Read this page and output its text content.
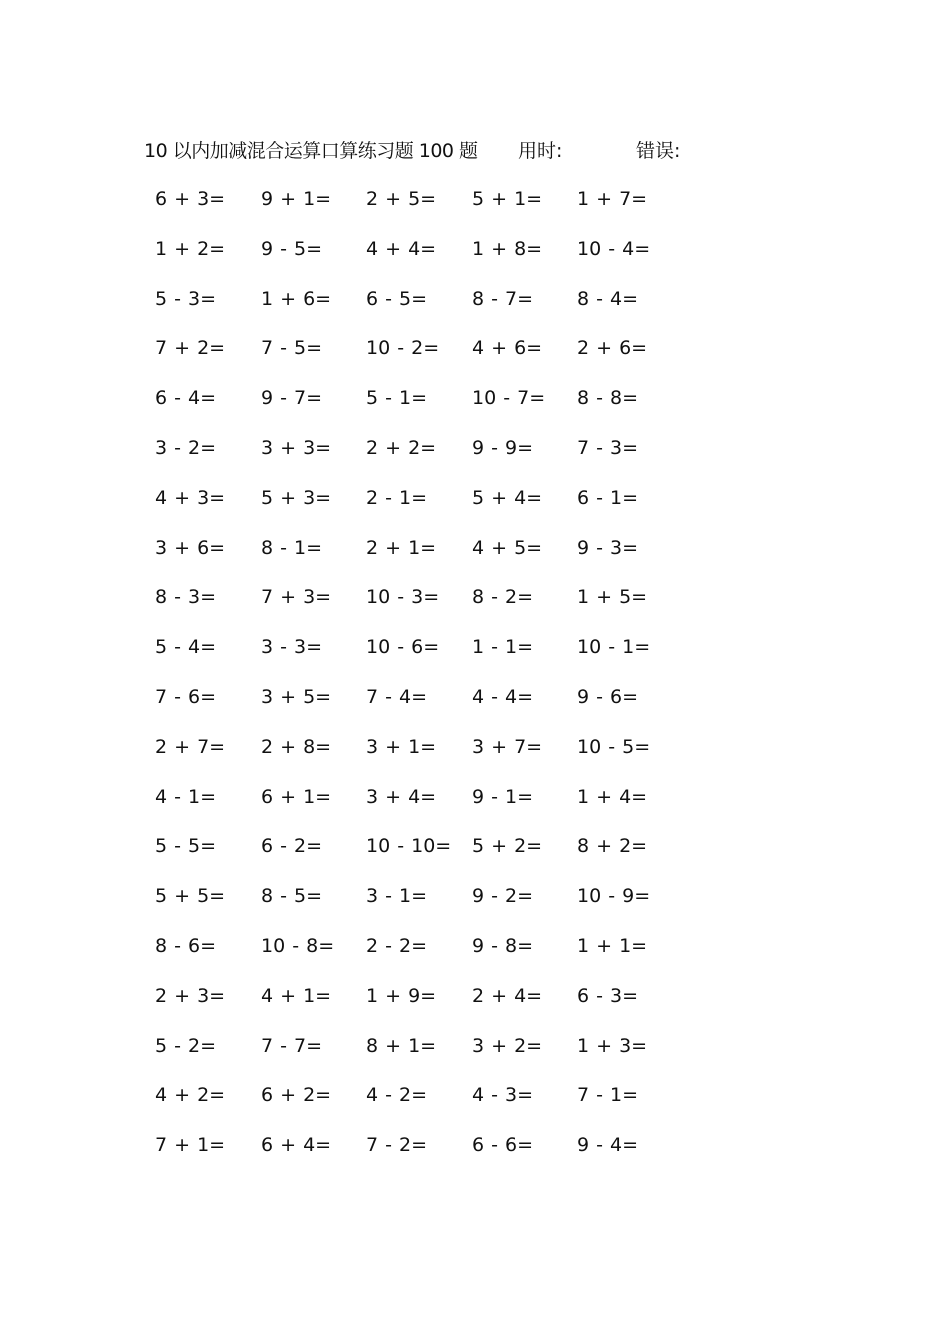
10 以内加减混合运算口算练习题 100 题 用时:	错误:
6 + 3= 9 + 1= 2 + 5= 5 + 1= 1 + 7=
1 + 2= 9 - 5= 4 + 4= 1 + 8= 10 - 4=
5 - 3= 1 + 6= 6 - 5= 8 - 7= 8 - 4=
7 + 2= 7 - 5= 10 - 2= 4 + 6= 2 + 6=
6 - 4= 9 - 7= 5 - 1= 10 - 7= 8 - 8=
3 - 2= 3 + 3= 2 + 2= 9 - 9= 7 - 3=
4 + 3= 5 + 3= 2 - 1= 5 + 4= 6 - 1=
3 + 6= 8 - 1= 2 + 1= 4 + 5= 9 - 3=
8 - 3= 7 + 3= 10 - 3= 8 - 2= 1 + 5=
5 - 4= 3 - 3= 10 - 6= 1 - 1= 10 - 1=
7 - 6= 3 + 5= 7 - 4= 4 - 4= 9 - 6=
2 + 7= 2 + 8= 3 + 1= 3 + 7= 10 - 5=
4 - 1= 6 + 1= 3 + 4= 9 - 1= 1 + 4=
5 - 5= 6 - 2= 10 - 10= 5 + 2= 8 + 2=
5 + 5= 8 - 5= 3 - 1= 9 - 2= 10 - 9=
8 - 6= 10 - 8= 2 - 2= 9 - 8= 1 + 1=
2 + 3= 4 + 1= 1 + 9= 2 + 4= 6 - 3=
5 - 2= 7 - 7= 8 + 1= 3 + 2= 1 + 3=
4 + 2= 6 + 2= 4 - 2= 4 - 3= 7 - 1=
7 + 1= 6 + 4= 7 - 2= 6 - 6= 9 - 4=
